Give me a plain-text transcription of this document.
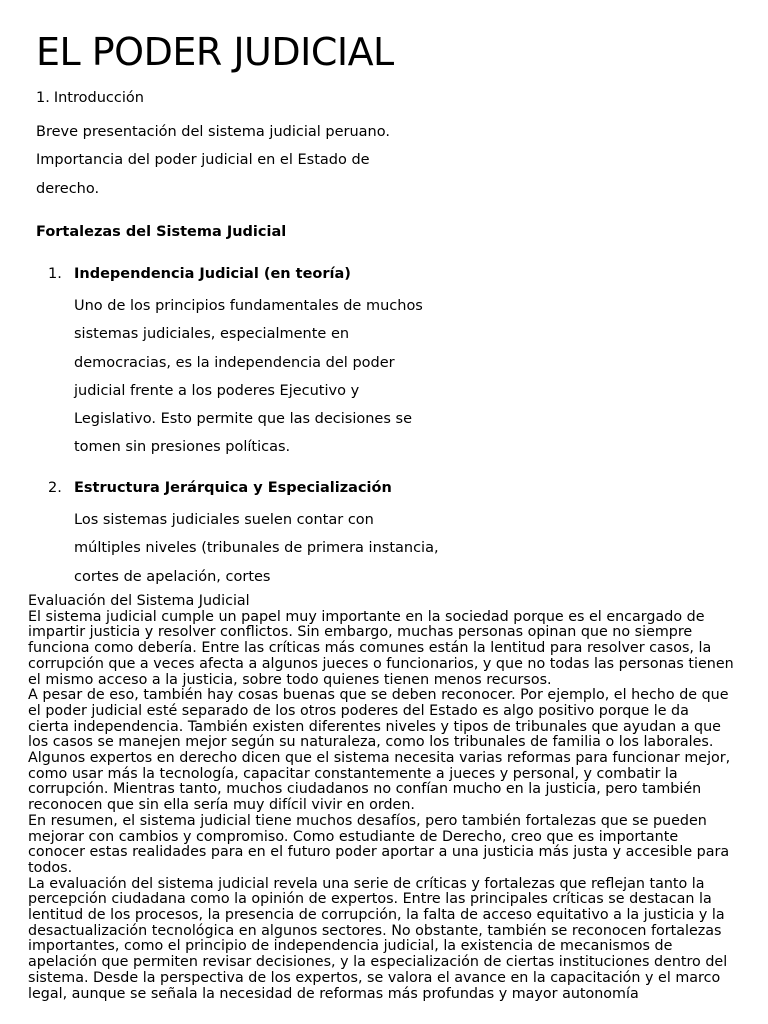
EL PODER JUDICIAL
1. Introducción

Breve presentación del sistema judicial peruano. Importancia del poder judicial en el Estado de derecho.

Fortalezas del Sistema Judicial
1. Independencia Judicial (en teoría)

Uno de los principios fundamentales de muchos sistemas judiciales, especialmente en democracias, es la independencia del poder judicial frente a los poderes Ejecutivo y Legislativo. Esto permite que las decisiones se tomen sin presiones políticas.

2. Estructura Jerárquica y Especialización

Los sistemas judiciales suelen contar con múltiples niveles (tribunales de primera instancia, cortes de apelación, cortes

Evaluación del Sistema Judicial

El sistema judicial cumple un papel muy importante en la sociedad porque es el encargado de impartir justicia y resolver conflictos. Sin embargo, muchas personas opinan que no siempre funciona como debería. Entre las críticas más comunes están la lentitud para resolver casos, la corrupción que a veces afecta a algunos jueces o funcionarios, y que no todas las personas tienen el mismo acceso a la justicia, sobre todo quienes tienen menos recursos.

A pesar de eso, también hay cosas buenas que se deben reconocer. Por ejemplo, el hecho de que el poder judicial esté separado de los otros poderes del Estado es algo positivo porque le da cierta independencia. También existen diferentes niveles y tipos de tribunales que ayudan a que los casos se manejen mejor según su naturaleza, como los tribunales de familia o los laborales.

Algunos expertos en derecho dicen que el sistema necesita varias reformas para funcionar mejor, como usar más la tecnología, capacitar constantemente a jueces y personal, y combatir la corrupción. Mientras tanto, muchos ciudadanos no confían mucho en la justicia, pero también reconocen que sin ella sería muy difícil vivir en orden.

En resumen, el sistema judicial tiene muchos desafíos, pero también fortalezas que se pueden mejorar con cambios y compromiso. Como estudiante de Derecho, creo que es importante conocer estas realidades para en el futuro poder aportar a una justicia más justa y accesible para todos.

La evaluación del sistema judicial revela una serie de críticas y fortalezas que reflejan tanto la percepción ciudadana como la opinión de expertos. Entre las principales críticas se destacan la lentitud de los procesos, la presencia de corrupción, la falta de acceso equitativo a la justicia y la desactualización tecnológica en algunos sectores. No obstante, también se reconocen fortalezas importantes, como el principio de independencia judicial, la existencia de mecanismos de apelación que permiten revisar decisiones, y la especialización de ciertas instituciones dentro del sistema. Desde la perspectiva de los expertos, se valora el avance en la capacitación y el marco legal, aunque se señala la necesidad de reformas más profundas y mayor autonomía
